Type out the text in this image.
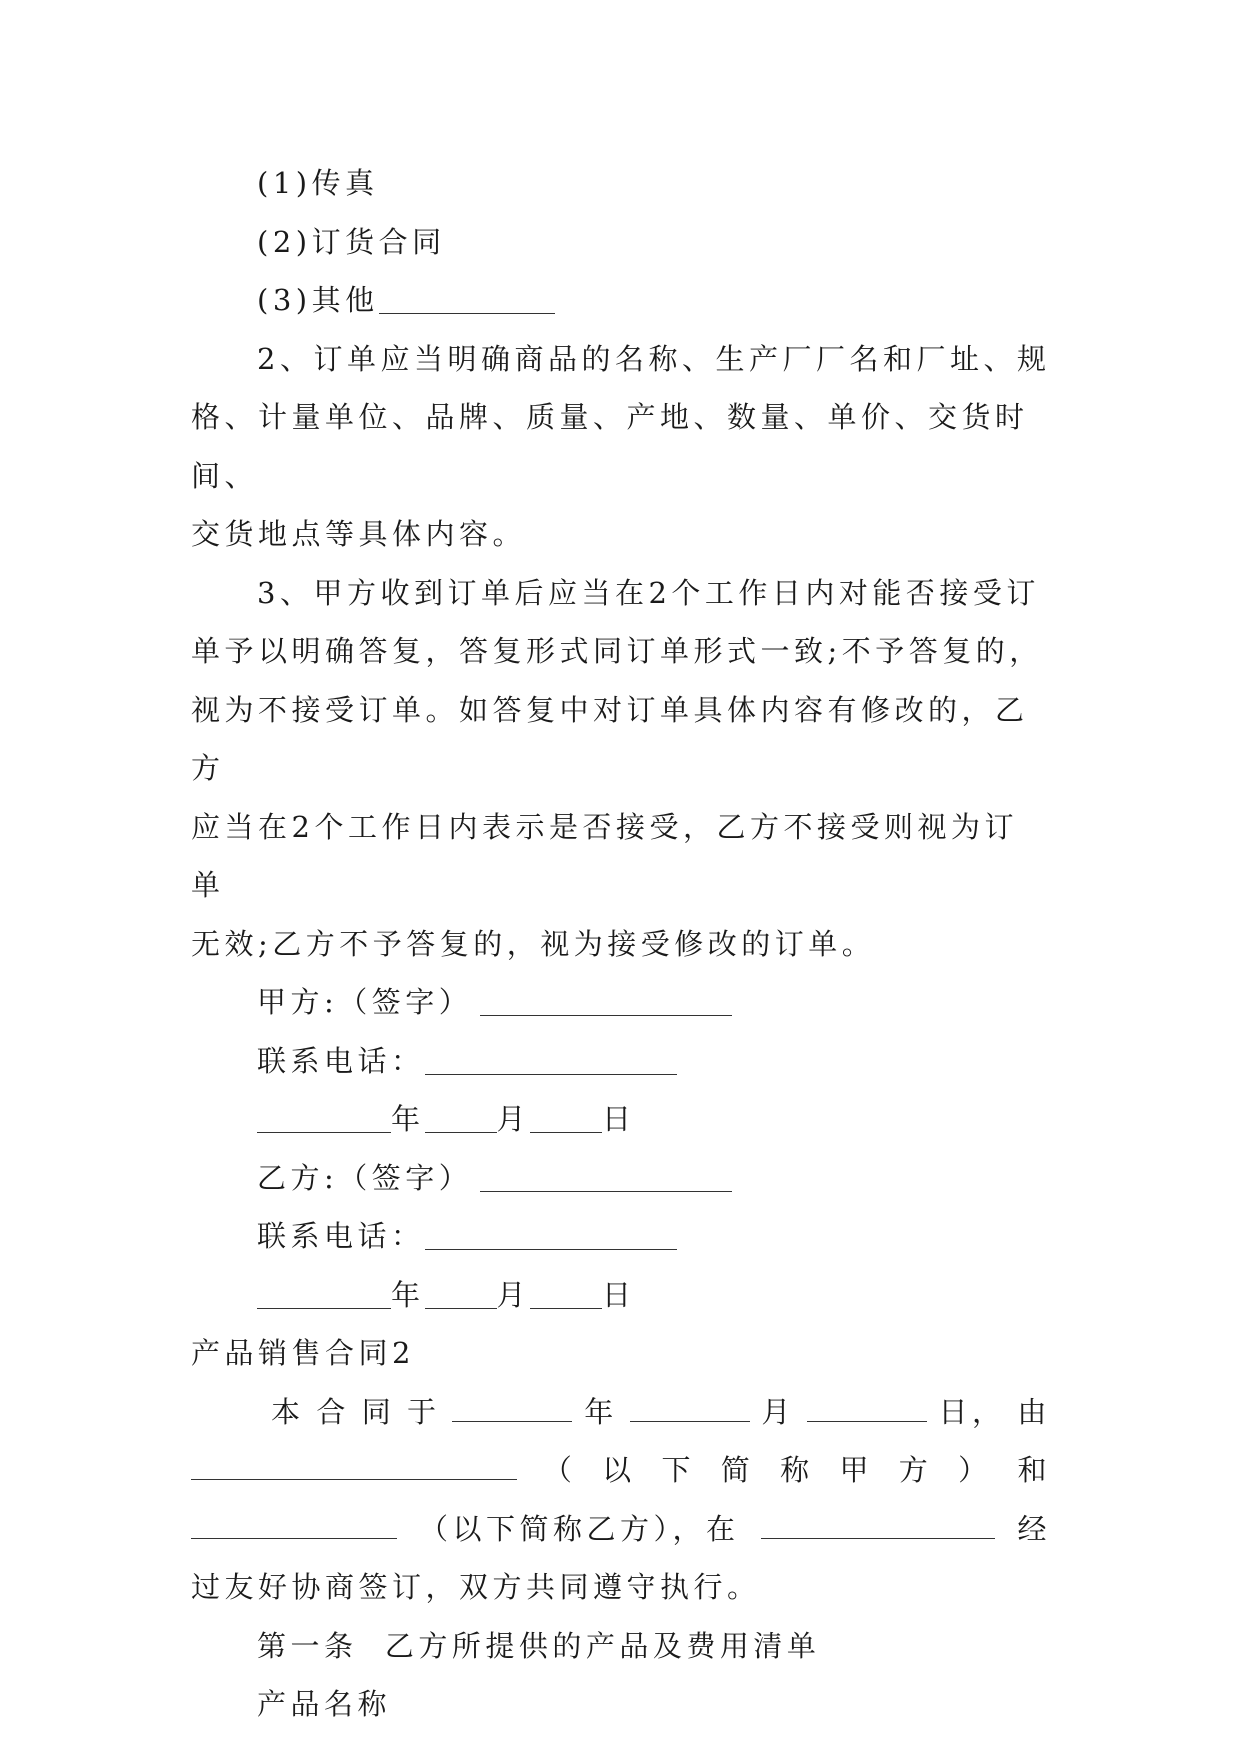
(1)传真

(2)订货合同

(3)其他

2、订单应当明确商品的名称、生产厂厂名和厂址、规

格、计量单位、品牌、质量、产地、数量、单价、交货时间、

交货地点等具体内容。

3、甲方收到订单后应当在2个工作日内对能否接受订

单予以明确答复，答复形式同订单形式一致;不予答复的，

视为不接受订单。如答复中对订单具体内容有修改的，乙方

应当在2个工作日内表示是否接受，乙方不接受则视为订单

无效;乙方不予答复的，视为接受修改的订单。

甲方:（签字）

联系电话：

年 月 日

乙方:（签字）

联系电话：

年 月 日

产品销售合同2

本 合 同 于	年	月	日， 由
（ 以 下 简 称 甲 方 ） 和
（以下简称乙方），在	经

过友好协商签订，双方共同遵守执行。

第一条  乙方所提供的产品及费用清单

产品名称
